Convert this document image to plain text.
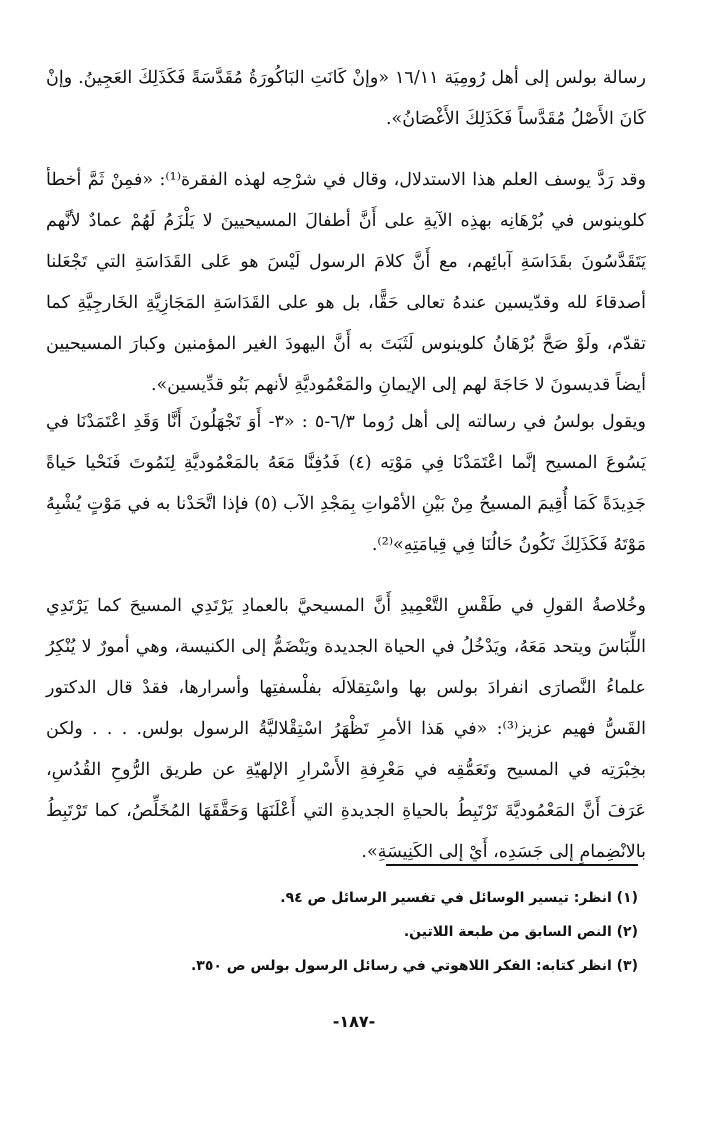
رسالة بولس إلى أهل رُومِيَة ١٦/١١ «وإنْ كَانَتِ البَاكُورَةُ مُقَدَّسَةً فَكَذَلِكَ العَجِينُ. وإنْ كَانَ الأَصْلُ مُقَدَّساً فَكَذَلِكَ الأَغْصَانُ».

وقد رَدَّ يوسف العلم هذا الاستدلال، وقال في شرْحِه لهذه الفقرة⁽¹⁾: «فمِنْ ثَمَّ أخطأ كلوينوس في بُرْهَانِه بهذِه الآيةِ على أَنَّ أطفالَ المسيحيينَ لا يَلْزَمُ لَهُمْ عمادٌ لأنَّهم يَتَقَدَّسُونَ بقَدَاسَةِ آبائِهم، مع أَنَّ كلامَ الرسول لَيْسَ هو عَلى القَدَاسَةِ التي تَجْعَلنا أصدقاءَ لله وقدّيسين عندهُ تعالى حَقًّا، بل هو على القَدَاسَةِ المَجَازِيَّةِ الخَارجِيَّةِ كما تقدّم، ولَوْ صَحَّ بُرْهَانُ كلوينوس لَثَبَتَ به أَنَّ اليهودَ الغير المؤمنين وكبارَ المسيحيين أيضاً قديسونَ لا حَاجَةَ لهم إلى الإيمانِ والمَعْمُوديَّةِ لأنهم بَنُو قدِّيسين».

ويقول بولسُ في رسالته إلى أهل رُوما ٦/٣-٥ : «٣- أَوَ تَجْهَلُونَ أَنَّا وَقَدِ اعْتَمَدْنَا في يَسُوعَ المسيح إنَّما اعْتَمَدْنَا فِي مَوْتِه (٤) فَدُفِنَّا مَعَهُ بالمَعْمُوديَّةِ لِنَمُوتَ فَنَحْيا حَياةً جَدِيدَةً كَمَا أُقِيمَ المسيحُ مِنْ بَيْنِ الأمْواتِ بِمَجْدِ الآب (٥) فإذا اتَّحَدْنا به في مَوْتٍ يُشْبِهُ مَوْتَهُ فَكَذَلِكَ تَكُونُ حَالُنَا فِي قِيامَتِهِ»⁽²⁾.

وخُلاصةُ القولِ في طَقْسِ التَّعْمِيدِ أَنَّ المسيحيَّ بالعمادِ يَرْتَدِي المسيحَ كما يَرْتَدِي اللِّبَاسَ ويتحد مَعَهُ، ويَدْخُلُ في الحياة الجديدة ويَنْضَمُّ إلى الكنيسة، وهي أمورٌ لا يُنْكِرُ علماءُ النَّصارَى انفرادَ بولس بها واسْتِقلالَه بفلْسفتِها وأسرارها، فقدْ قال الدكتور القَسُّ فهيم عزيز⁽³⁾: «في هَذا الأمرِ تَظْهَرُ اسْتِقْلاليَّةُ الرسول بولس. . . . ولكن بخِبْرَتِه في المسيح وتَعَمُّقِه في مَعْرِفةِ الأَسْرارِ الإلهيّةِ عن طريق الرُّوحِ القُدُسِ، عَرَفَ أَنَّ المَعْمُوديَّةَ تَرْتَبِطُ بالحياةِ الجديدةِ التي أَعْلَنَهَا وَحَقَّقَهَا المُخَلِّصُ، كما تَرْتَبِطُ بالانْضِمامِ إلى جَسَدِه، أَيْ إلى الكَنِيسَةِ».

(١) انظر: تيسير الوسائل في تفسير الرسائل ص ٩٤.
(٢) النص السابق من طبعة اللاتين.
(٣) انظر كتابه: الفكر اللاهوتي في رسائل الرسول بولس ص ٣٥٠.
-١٨٧-
